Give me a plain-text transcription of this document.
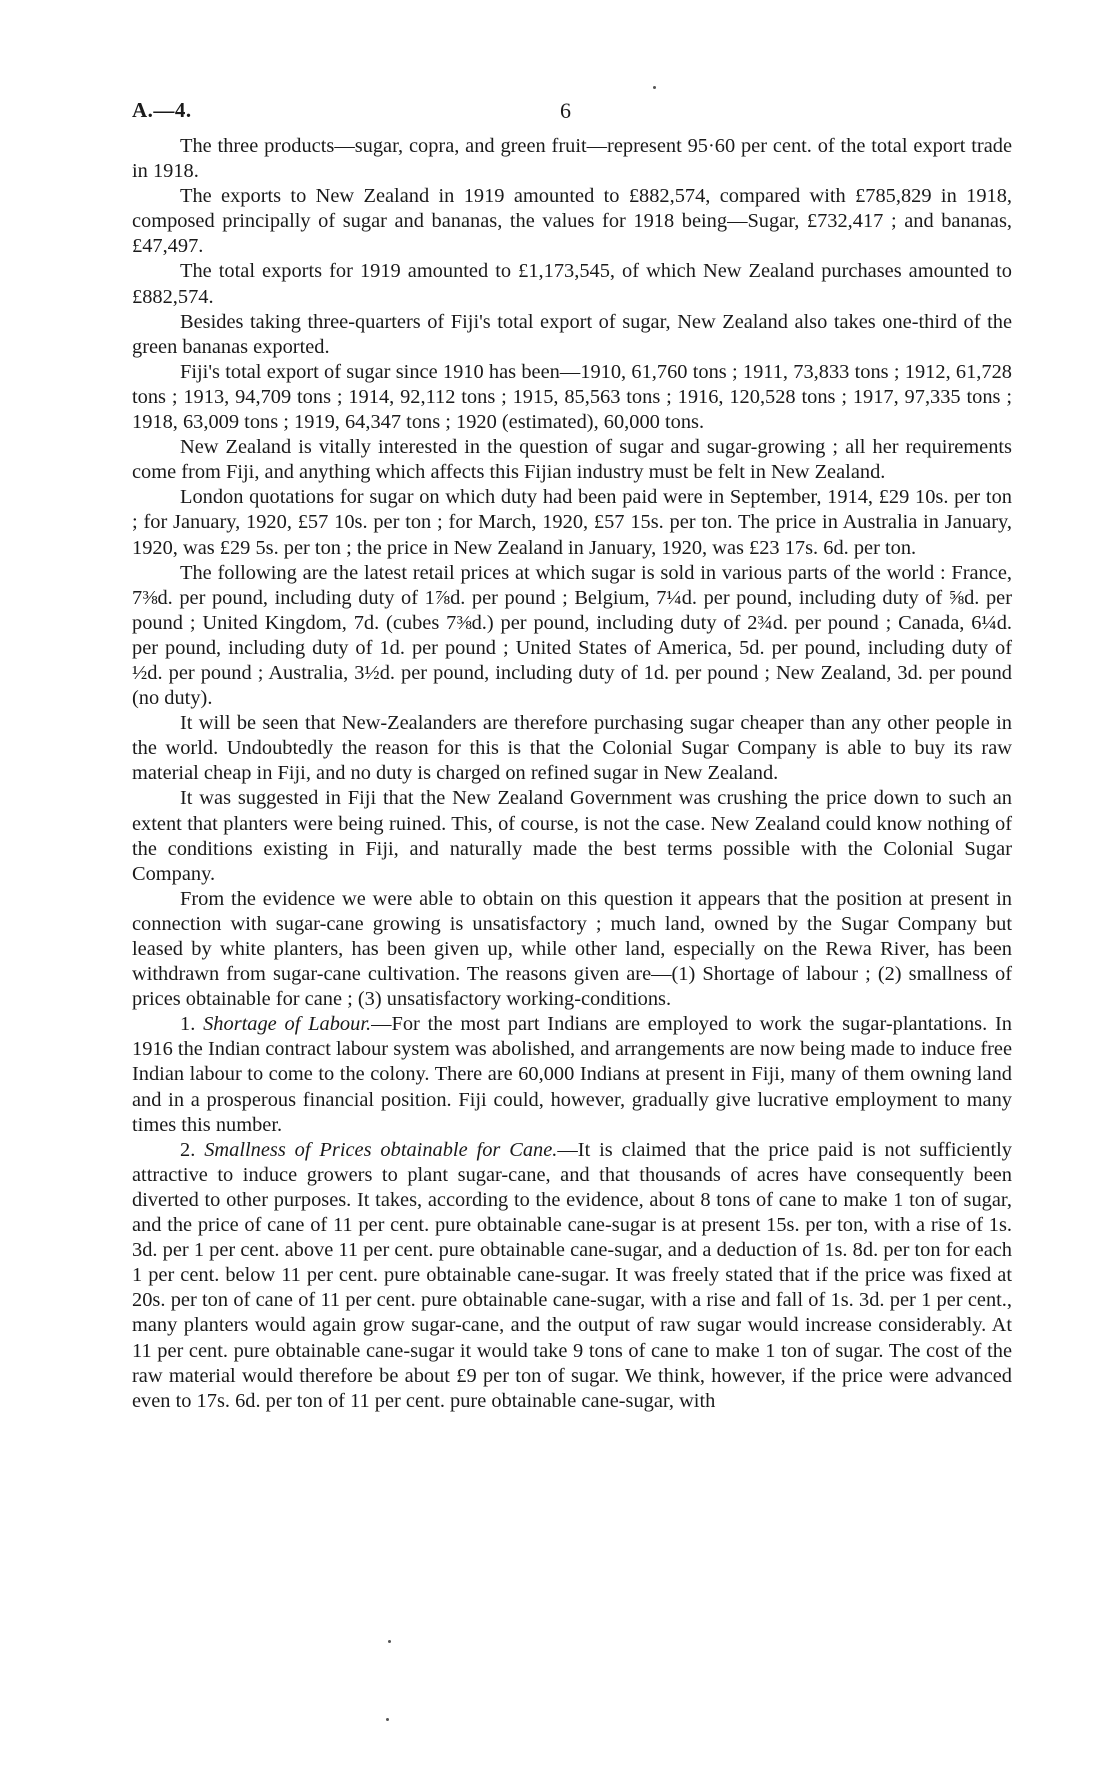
A.—4.	6

The three products—sugar, copra, and green fruit—represent 95·60 per cent. of the total export trade in 1918.

The exports to New Zealand in 1919 amounted to £882,574, compared with £785,829 in 1918, composed principally of sugar and bananas, the values for 1918 being—Sugar, £732,417 ; and bananas, £47,497.

The total exports for 1919 amounted to £1,173,545, of which New Zealand purchases amounted to £882,574.

Besides taking three-quarters of Fiji's total export of sugar, New Zealand also takes one-third of the green bananas exported.

Fiji's total export of sugar since 1910 has been—1910, 61,760 tons ; 1911, 73,833 tons ; 1912, 61,728 tons ; 1913, 94,709 tons ; 1914, 92,112 tons ; 1915, 85,563 tons ; 1916, 120,528 tons ; 1917, 97,335 tons ; 1918, 63,009 tons ; 1919, 64,347 tons ; 1920 (estimated), 60,000 tons.

New Zealand is vitally interested in the question of sugar and sugar-growing ; all her requirements come from Fiji, and anything which affects this Fijian industry must be felt in New Zealand.

London quotations for sugar on which duty had been paid were in September, 1914, £29 10s. per ton ; for January, 1920, £57 10s. per ton ; for March, 1920, £57 15s. per ton. The price in Australia in January, 1920, was £29 5s. per ton ; the price in New Zealand in January, 1920, was £23 17s. 6d. per ton.

The following are the latest retail prices at which sugar is sold in various parts of the world : France, 7⅜d. per pound, including duty of 1⅞d. per pound ; Belgium, 7¼d. per pound, including duty of ⅝d. per pound ; United Kingdom, 7d. (cubes 7⅜d.) per pound, including duty of 2¾d. per pound ; Canada, 6¼d. per pound, including duty of 1d. per pound ; United States of America, 5d. per pound, including duty of ½d. per pound ; Australia, 3½d. per pound, including duty of 1d. per pound ; New Zealand, 3d. per pound (no duty).

It will be seen that New-Zealanders are therefore purchasing sugar cheaper than any other people in the world. Undoubtedly the reason for this is that the Colonial Sugar Company is able to buy its raw material cheap in Fiji, and no duty is charged on refined sugar in New Zealand.

It was suggested in Fiji that the New Zealand Government was crushing the price down to such an extent that planters were being ruined. This, of course, is not the case. New Zealand could know nothing of the conditions existing in Fiji, and naturally made the best terms possible with the Colonial Sugar Company.

From the evidence we were able to obtain on this question it appears that the position at present in connection with sugar-cane growing is unsatisfactory ; much land, owned by the Sugar Company but leased by white planters, has been given up, while other land, especially on the Rewa River, has been withdrawn from sugar-cane cultivation. The reasons given are—(1) Shortage of labour ; (2) smallness of prices obtainable for cane ; (3) unsatisfactory working-conditions.

1. Shortage of Labour.—For the most part Indians are employed to work the sugar-plantations. In 1916 the Indian contract labour system was abolished, and arrangements are now being made to induce free Indian labour to come to the colony. There are 60,000 Indians at present in Fiji, many of them owning land and in a prosperous financial position. Fiji could, however, gradually give lucrative employment to many times this number.

2. Smallness of Prices obtainable for Cane.—It is claimed that the price paid is not sufficiently attractive to induce growers to plant sugar-cane, and that thousands of acres have consequently been diverted to other purposes. It takes, according to the evidence, about 8 tons of cane to make 1 ton of sugar, and the price of cane of 11 per cent. pure obtainable cane-sugar is at present 15s. per ton, with a rise of 1s. 3d. per 1 per cent. above 11 per cent. pure obtainable cane-sugar, and a deduction of 1s. 8d. per ton for each 1 per cent. below 11 per cent. pure obtainable cane-sugar. It was freely stated that if the price was fixed at 20s. per ton of cane of 11 per cent. pure obtainable cane-sugar, with a rise and fall of 1s. 3d. per 1 per cent., many planters would again grow sugar-cane, and the output of raw sugar would increase considerably. At 11 per cent. pure obtainable cane-sugar it would take 9 tons of cane to make 1 ton of sugar. The cost of the raw material would therefore be about £9 per ton of sugar. We think, however, if the price were advanced even to 17s. 6d. per ton of 11 per cent. pure obtainable cane-sugar, with
